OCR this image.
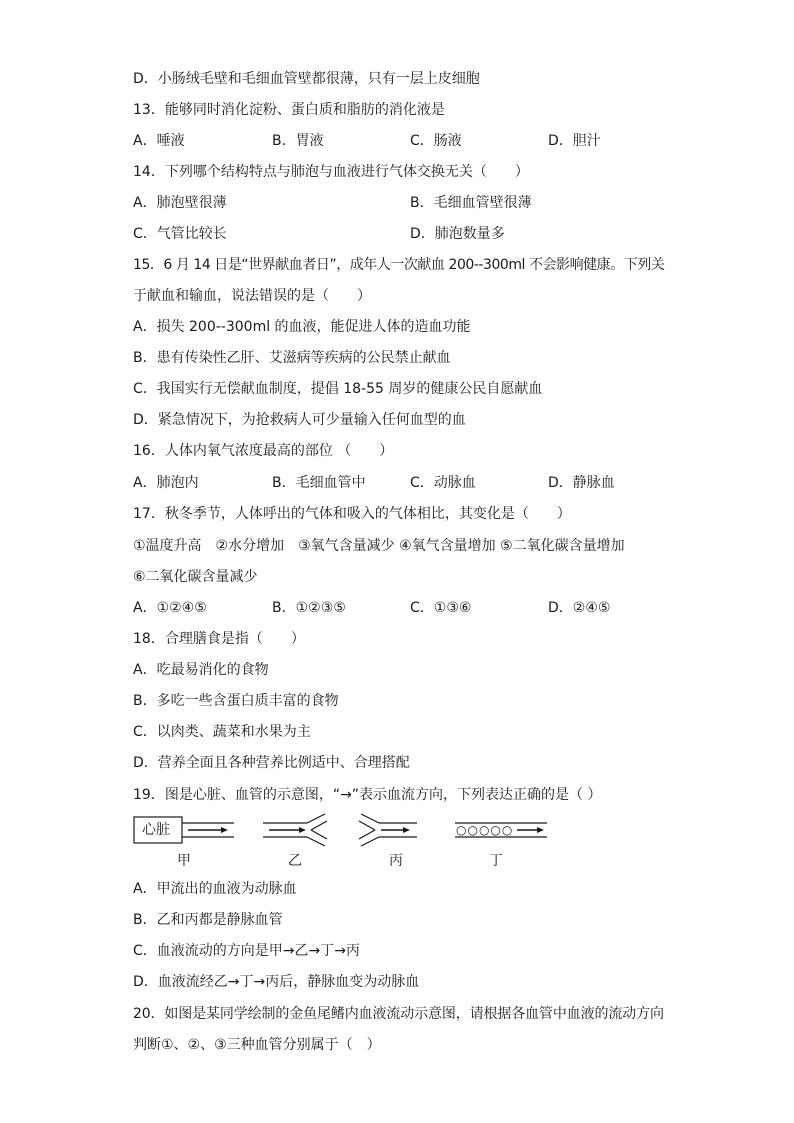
D．小肠绒毛壁和毛细血管壁都很薄，只有一层上皮细胞
13．能够同时消化淀粉、蛋白质和脂肪的消化液是
A．唾液	B．胃液	C．肠液	D．胆汁
14．下列哪个结构特点与肺泡与血液进行气体交换无关（　　）
A．肺泡壁很薄	B．毛细血管壁很薄
C．气管比较长	D．肺泡数量多
15．6 月 14 日是“世界献血者日”，成年人一次献血 200--300ml 不会影响健康。下列关
于献血和输血，说法错误的是（　　）
A．损失 200--300ml 的血液，能促进人体的造血功能
B．患有传染性乙肝、艾滋病等疾病的公民禁止献血
C．我国实行无偿献血制度，提倡 18-55 周岁的健康公民自愿献血
D．紧急情况下，为抢救病人可少量输入任何血型的血
16．人体内氧气浓度最高的部位 （　　）
A．肺泡内	B．毛细血管中	C．动脉血	D．静脉血
17．秋冬季节，人体呼出的气体和吸入的气体相比，其变化是（　　）
①温度升高　②水分增加　③氧气含量减少 ④氧气含量增加 ⑤二氧化碳含量增加
⑥二氧化碳含量减少
A．①②④⑤	B．①②③⑤	C．①③⑥	D．②④⑤
18．合理膳食是指（　　）
A．吃最易消化的食物
B．多吃一些含蛋白质丰富的食物
C．以肉类、蔬菜和水果为主
D．营养全面且各种营养比例适中、合理搭配
19．图是心脏、血管的示意图，“→”表示血流方向，下列表达正确的是（ ）
心脏	○○○○○
甲	乙	丙	丁
A．甲流出的血液为动脉血
B．乙和丙都是静脉血管
C．血液流动的方向是甲→乙→丁→丙
D．血液流经乙→丁→丙后，静脉血变为动脉血
20．如图是某同学绘制的金鱼尾鳍内血液流动示意图，请根据各血管中血液的流动方向
判断①、②、③三种血管分别属于（　）
